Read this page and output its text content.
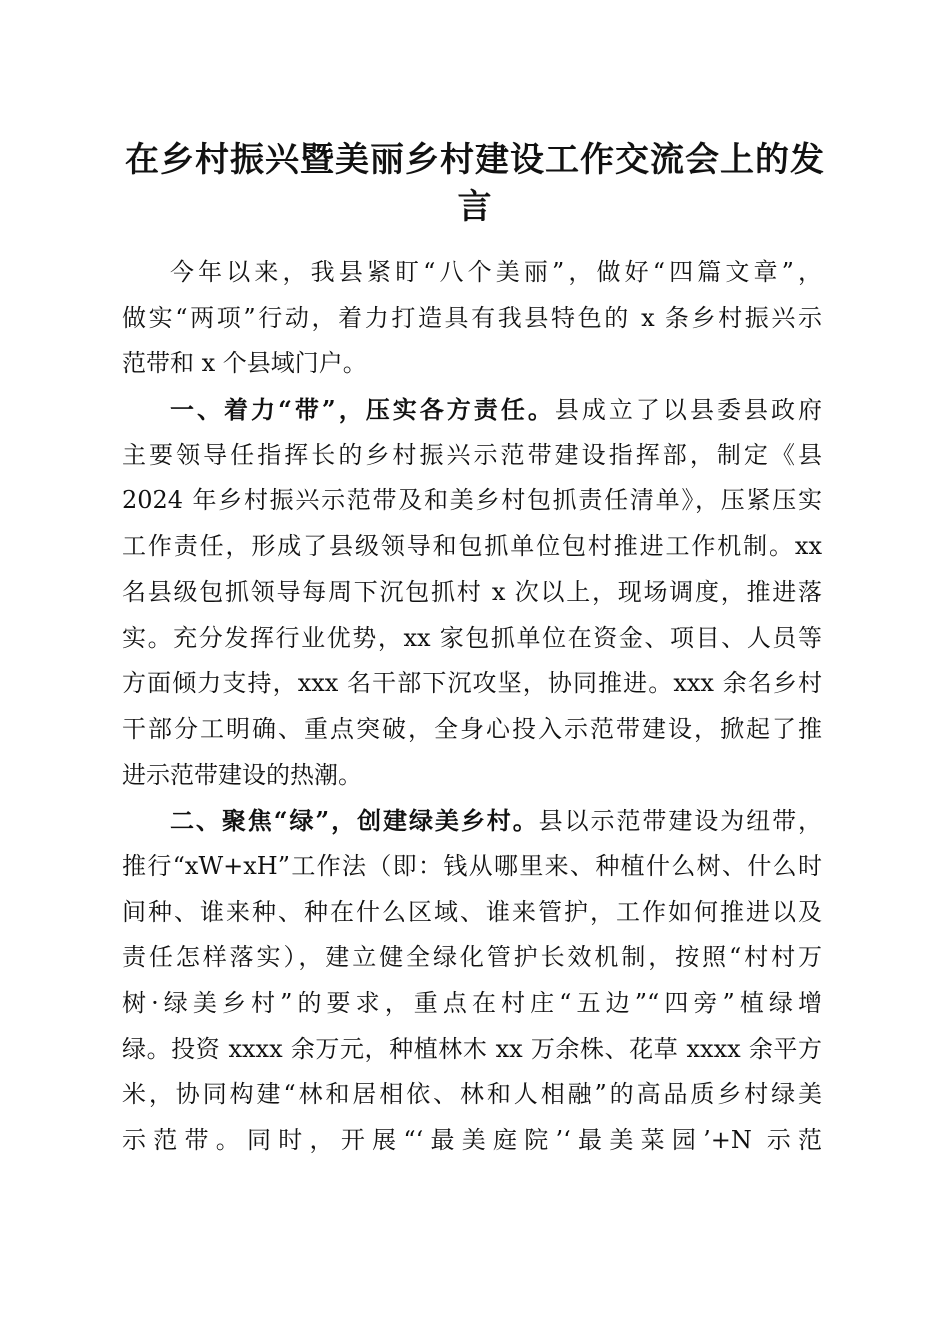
在乡村振兴暨美丽乡村建设工作交流会上的发
言
今年以来，我县紧盯“八个美丽”，做好“四篇文章”，
做实“两项”行动，着力打造具有我县特色的 x 条乡村振兴示
范带和 x 个县域门户。
一、着力“带”，压实各方责任。县成立了以县委县政府
主要领导任指挥长的乡村振兴示范带建设指挥部，制定《县
2024 年乡村振兴示范带及和美乡村包抓责任清单》，压紧压实
工作责任，形成了县级领导和包抓单位包村推进工作机制。xx
名县级包抓领导每周下沉包抓村 x 次以上，现场调度，推进落
实。充分发挥行业优势，xx 家包抓单位在资金、项目、人员等
方面倾力支持，xxx 名干部下沉攻坚，协同推进。xxx 余名乡村
干部分工明确、重点突破，全身心投入示范带建设，掀起了推
进示范带建设的热潮。
二、聚焦“绿”，创建绿美乡村。县以示范带建设为纽带，
推行“xW+xH”工作法（即：钱从哪里来、种植什么树、什么时
间种、谁来种、种在什么区域、谁来管护，工作如何推进以及
责任怎样落实），建立健全绿化管护长效机制，按照“村村万
树·绿美乡村”的要求，重点在村庄“五边”“四旁”植绿增
绿。投资 xxxx 余万元，种植林木 xx 万余株、花草 xxxx 余平方
米，协同构建“林和居相依、林和人相融”的高品质乡村绿美
示范带。同时，开展“‘最美庭院’‘最美菜园’+N 示范
